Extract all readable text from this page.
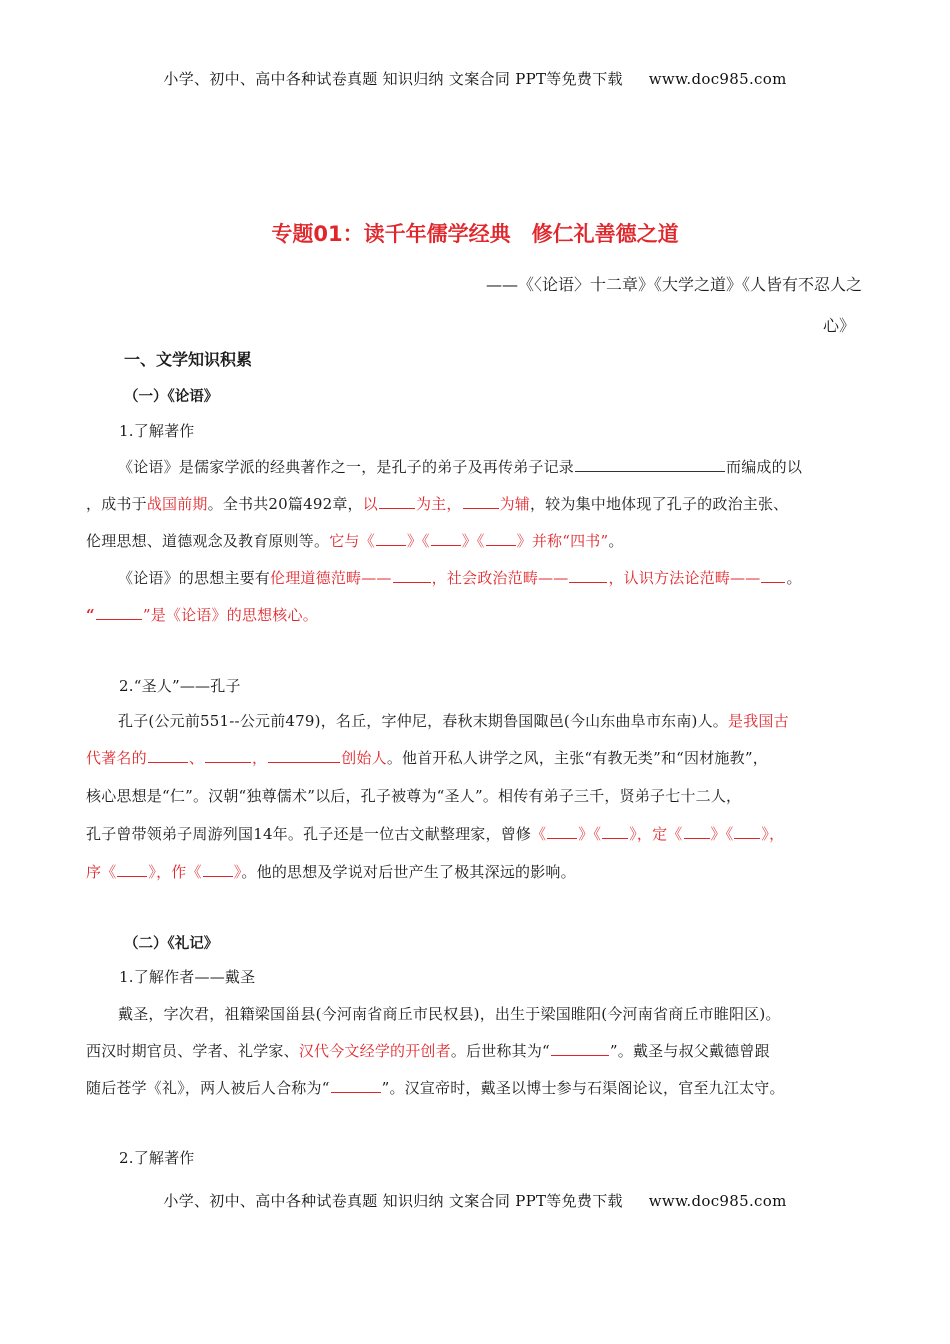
小学、初中、高中各种试卷真题 知识归纳 文案合同 PPT等免费下载 www.doc985.com
专题01：读千年儒学经典　修仁礼善德之道
——《〈论语〉十二章》《大学之道》《人皆有不忍人之
心》
一、文学知识积累
（一）《论语》
1.了解著作
《论语》是儒家学派的经典著作之一，是孔子的弟子及再传弟子记录	而编成的以
，成书于战国前期。全书共20篇492章，以	为主，	为辅，较为集中地体现了孔子的政治主张、
伦理思想、道德观念及教育原则等。它与《 》《 》《 》并称“四书”。
《论语》的思想主要有伦理道德范畴——	，社会政治范畴——	，认识方法论范畴—— 。
“	”是《论语》的思想核心。
2.“圣人”——孔子
孔子(公元前551--公元前479)，名丘，字仲尼，春秋末期鲁国陬邑(今山东曲阜市东南)人。是我国古
代著名的	、	，	创始人。他首开私人讲学之风，主张“有教无类”和“因材施教”，
核心思想是“仁”。汉朝“独尊儒术”以后，孔子被尊为“圣人”。相传有弟子三千，贤弟子七十二人，
孔子曾带领弟子周游列国14年。孔子还是一位古文献整理家，曾修《 》《 》，定《 》《 》，
序《 》，作《 》。他的思想及学说对后世产生了极其深远的影响。
（二）《礼记》
1.了解作者——戴圣
戴圣，字次君，祖籍梁国甾县(今河南省商丘市民权县)，出生于梁国睢阳(今河南省商丘市睢阳区)。
西汉时期官员、学者、礼学家、汉代今文经学的开创者。后世称其为“	”。戴圣与叔父戴德曾跟
随后苍学《礼》，两人被后人合称为“	”。汉宣帝时，戴圣以博士参与石渠阁论议，官至九江太守。
2.了解著作
小学、初中、高中各种试卷真题 知识归纳 文案合同 PPT等免费下载 www.doc985.com
